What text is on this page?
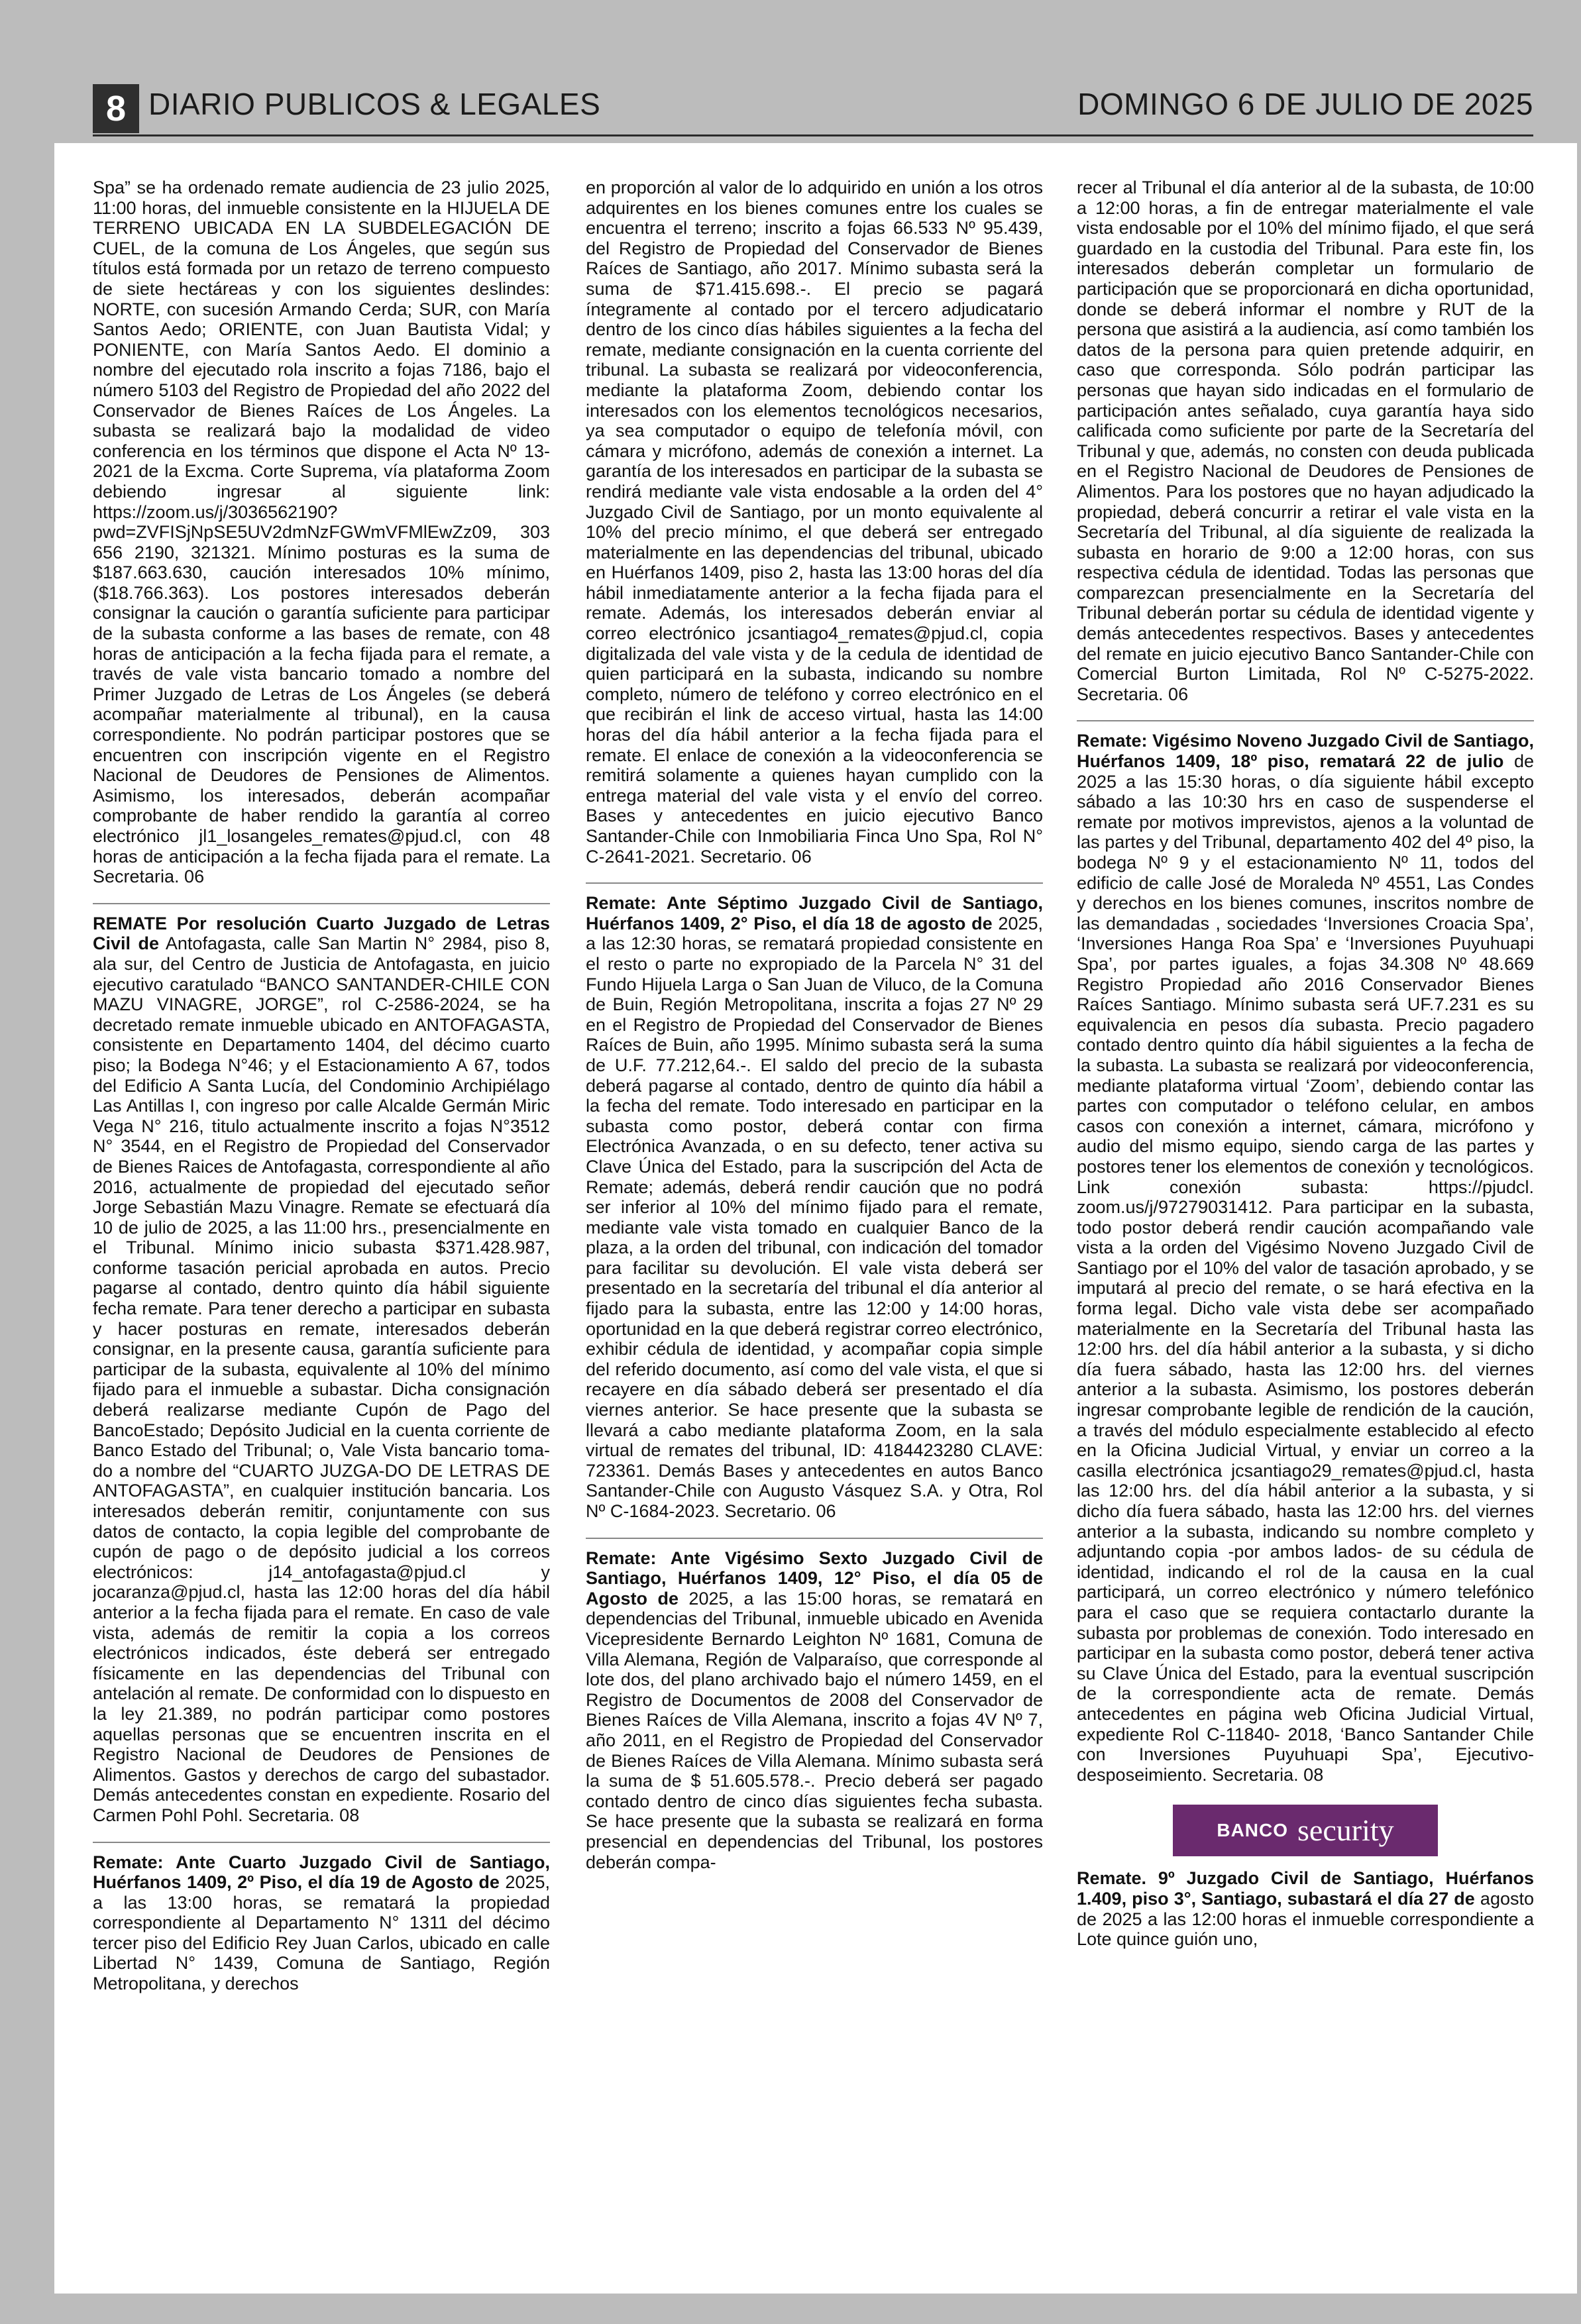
8 DIARIO PUBLICOS & LEGALES	DOMINGO 6 DE JULIO DE 2025

Spa” se ha ordenado remate audiencia de 23 julio 2025, 11:00 horas, del inmueble consistente en la HIJUELA DE TERRENO UBICADA EN LA SUBDELEGACIÓN DE CUEL, de la comuna de Los Ángeles, que según sus títulos está formada por un retazo de terreno compuesto de siete hectáreas y con los siguientes deslindes: NORTE, con sucesión Armando Cerda; SUR, con María Santos Aedo; ORIENTE, con Juan Bautista Vidal; y PONIENTE, con María Santos Aedo. El dominio a nombre del ejecutado rola inscrito a fojas 7186, bajo el número 5103 del Registro de Propiedad del año 2022 del Conservador de Bienes Raíces de Los Ángeles. La subasta se realizará bajo la modalidad de video conferencia en los términos que dispone el Acta Nº 13-2021 de la Excma. Corte Suprema, vía plataforma Zoom debiendo ingresar al siguiente link: https://zoom.us/j/3036562190?pwd=ZVFISjNpSE5UV2dmNzFGWmVFMlEwZz09, 303 656 2190, 321321. Mínimo posturas es la suma de $187.663.630, caución interesados 10% mínimo, ($18.766.363). Los postores interesados deberán consignar la caución o garantía suficiente para participar de la subasta conforme a las bases de remate, con 48 horas de anticipación a la fecha fijada para el remate, a través de vale vista bancario tomado a nombre del Primer Juzgado de Letras de Los Ángeles (se deberá acompañar materialmente al tribunal), en la causa correspondiente. No podrán participar postores que se encuentren con inscripción vigente en el Registro Nacional de Deudores de Pensiones de Alimentos. Asimismo, los interesados, deberán acompañar comprobante de haber rendido la garantía al correo electrónico jl1_losangeles_remates@pjud.cl, con 48 horas de anticipación a la fecha fijada para el remate. La Secretaria. 06

REMATE Por resolución Cuarto Juzgado de Letras Civil de Antofagasta, calle San Martin N° 2984, piso 8, ala sur, del Centro de Justicia de Antofagasta, en juicio ejecutivo caratulado “BANCO SANTANDER-CHILE CON MAZU VINAGRE, JORGE”, rol C-2586-2024, se ha decretado remate inmueble ubicado en ANTOFAGASTA, consistente en Departamento 1404, del décimo cuarto piso; la Bodega N°46; y el Estacionamiento A 67, todos del Edificio A Santa Lucía, del Condominio Archipiélago Las Antillas I, con ingreso por calle Alcalde Germán Miric Vega N° 216, titulo actualmente inscrito a fojas N°3512 N° 3544, en el Registro de Propiedad del Conservador de Bienes Raices de Antofagasta, correspondiente al año 2016, actualmente de propiedad del ejecutado señor Jorge Sebastián Mazu Vinagre. Remate se efectuará día 10 de julio de 2025, a las 11:00 hrs., presencialmente en el Tribunal. Mínimo inicio subasta $371.428.987, conforme tasación pericial aprobada en autos. Precio pagarse al contado, dentro quinto día hábil siguiente fecha remate. Para tener derecho a participar en subasta y hacer posturas en remate, interesados deberán consignar, en la presente causa, garantía suficiente para participar de la subasta, equivalente al 10% del mínimo fijado para el inmueble a subastar. Dicha consignación deberá realizarse mediante Cupón de Pago del BancoEstado; Depósito Judicial en la cuenta corriente de Banco Estado del Tribunal; o, Vale Vista bancario toma-do a nombre del “CUARTO JUZGA-DO DE LETRAS DE ANTOFAGASTA”, en cualquier institución bancaria. Los interesados deberán remitir, conjuntamente con sus datos de contacto, la copia legible del comprobante de cupón de pago o de depósito judicial a los correos electrónicos: j14_antofagasta@pjud.cl y jocaranza@pjud.cl, hasta las 12:00 horas del día hábil anterior a la fecha fijada para el remate. En caso de vale vista, además de remitir la copia a los correos electrónicos indicados, éste deberá ser entregado físicamente en las dependencias del Tribunal con antelación al remate. De conformidad con lo dispuesto en la ley 21.389, no podrán participar como postores aquellas personas que se encuentren inscrita en el Registro Nacional de Deudores de Pensiones de Alimentos. Gastos y derechos de cargo del subastador. Demás antecedentes constan en expediente. Rosario del Carmen Pohl Pohl. Secretaria. 08

Remate: Ante Cuarto Juzgado Civil de Santiago, Huérfanos 1409, 2º Piso, el día 19 de Agosto de 2025, a las 13:00 horas, se rematará la propiedad correspondiente al Departamento N° 1311 del décimo tercer piso del Edificio Rey Juan Carlos, ubicado en calle Libertad N° 1439, Comuna de Santiago, Región Metropolitana, y derechos

en proporción al valor de lo adquirido en unión a los otros adquirentes en los bienes comunes entre los cuales se encuentra el terreno; inscrito a fojas 66.533 Nº 95.439, del Registro de Propiedad del Conservador de Bienes Raíces de Santiago, año 2017. Mínimo subasta será la suma de $71.415.698.-. El precio se pagará íntegramente al contado por el tercero adjudicatario dentro de los cinco días hábiles siguientes a la fecha del remate, mediante consignación en la cuenta corriente del tribunal. La subasta se realizará por videoconferencia, mediante la plataforma Zoom, debiendo contar los interesados con los elementos tecnológicos necesarios, ya sea computador o equipo de telefonía móvil, con cámara y micrófono, además de conexión a internet. La garantía de los interesados en participar de la subasta se rendirá mediante vale vista endosable a la orden del 4° Juzgado Civil de Santiago, por un monto equivalente al 10% del precio mínimo, el que deberá ser entregado materialmente en las dependencias del tribunal, ubicado en Huérfanos 1409, piso 2, hasta las 13:00 horas del día hábil inmediatamente anterior a la fecha fijada para el remate. Además, los interesados deberán enviar al correo electrónico jcsantiago4_remates@pjud.cl, copia digitalizada del vale vista y de la cedula de identidad de quien participará en la subasta, indicando su nombre completo, número de teléfono y correo electrónico en el que recibirán el link de acceso virtual, hasta las 14:00 horas del día hábil anterior a la fecha fijada para el remate. El enlace de conexión a la videoconferencia se remitirá solamente a quienes hayan cumplido con la entrega material del vale vista y el envío del correo. Bases y antecedentes en juicio ejecutivo Banco Santander-Chile con Inmobiliaria Finca Uno Spa, Rol N° C-2641-2021. Secretario. 06

Remate: Ante Séptimo Juzgado Civil de Santiago, Huérfanos 1409, 2° Piso, el día 18 de agosto de 2025, a las 12:30 horas, se rematará propiedad consistente en el resto o parte no expropiado de la Parcela N° 31 del Fundo Hijuela Larga o San Juan de Viluco, de la Comuna de Buin, Región Metropolitana, inscrita a fojas 27 Nº 29 en el Registro de Propiedad del Conservador de Bienes Raíces de Buin, año 1995. Mínimo subasta será la suma de U.F. 77.212,64.-. El saldo del precio de la subasta deberá pagarse al contado, dentro de quinto día hábil a la fecha del remate. Todo interesado en participar en la subasta como postor, deberá contar con firma Electrónica Avanzada, o en su defecto, tener activa su Clave Única del Estado, para la suscripción del Acta de Remate; además, deberá rendir caución que no podrá ser inferior al 10% del mínimo fijado para el remate, mediante vale vista tomado en cualquier Banco de la plaza, a la orden del tribunal, con indicación del tomador para facilitar su devolución. El vale vista deberá ser presentado en la secretaría del tribunal el día anterior al fijado para la subasta, entre las 12:00 y 14:00 horas, oportunidad en la que deberá registrar correo electrónico, exhibir cédula de identidad, y acompañar copia simple del referido documento, así como del vale vista, el que si recayere en día sábado deberá ser presentado el día viernes anterior. Se hace presente que la subasta se llevará a cabo mediante plataforma Zoom, en la sala virtual de remates del tribunal, ID: 4184423280 CLAVE: 723361. Demás Bases y antecedentes en autos Banco Santander-Chile con Augusto Vásquez S.A. y Otra, Rol Nº C-1684-2023. Secretario. 06

Remate: Ante Vigésimo Sexto Juzgado Civil de Santiago, Huérfanos 1409, 12° Piso, el día 05 de Agosto de 2025, a las 15:00 horas, se rematará en dependencias del Tribunal, inmueble ubicado en Avenida Vicepresidente Bernardo Leighton Nº 1681, Comuna de Villa Alemana, Región de Valparaíso, que corresponde al lote dos, del plano archivado bajo el número 1459, en el Registro de Documentos de 2008 del Conservador de Bienes Raíces de Villa Alemana, inscrito a fojas 4V Nº 7, año 2011, en el Registro de Propiedad del Conservador de Bienes Raíces de Villa Alemana. Mínimo subasta será la suma de $ 51.605.578.-. Precio deberá ser pagado contado dentro de cinco días siguientes fecha subasta. Se hace presente que la subasta se realizará en forma presencial en dependencias del Tribunal, los postores deberán compa-

recer al Tribunal el día anterior al de la subasta, de 10:00 a 12:00 horas, a fin de entregar materialmente el vale vista endosable por el 10% del mínimo fijado, el que será guardado en la custodia del Tribunal. Para este fin, los interesados deberán completar un formulario de participación que se proporcionará en dicha oportunidad, donde se deberá informar el nombre y RUT de la persona que asistirá a la audiencia, así como también los datos de la persona para quien pretende adquirir, en caso que corresponda. Sólo podrán participar las personas que hayan sido indicadas en el formulario de participación antes señalado, cuya garantía haya sido calificada como suficiente por parte de la Secretaría del Tribunal y que, además, no consten con deuda publicada en el Registro Nacional de Deudores de Pensiones de Alimentos. Para los postores que no hayan adjudicado la propiedad, deberá concurrir a retirar el vale vista en la Secretaría del Tribunal, al día siguiente de realizada la subasta en horario de 9:00 a 12:00 horas, con sus respectiva cédula de identidad. Todas las personas que comparezcan presencialmente en la Secretaría del Tribunal deberán portar su cédula de identidad vigente y demás antecedentes respectivos. Bases y antecedentes del remate en juicio ejecutivo Banco Santander-Chile con Comercial Burton Limitada, Rol Nº C-5275-2022. Secretaria. 06

Remate: Vigésimo Noveno Juzgado Civil de Santiago, Huérfanos 1409, 18º piso, rematará 22 de julio de 2025 a las 15:30 horas, o día siguiente hábil excepto sábado a las 10:30 hrs en caso de suspenderse el remate por motivos imprevistos, ajenos a la voluntad de las partes y del Tribunal, departamento 402 del 4º piso, la bodega Nº 9 y el estacionamiento Nº 11, todos del edificio de calle José de Moraleda Nº 4551, Las Condes y derechos en los bienes comunes, inscritos nombre de las demandadas , sociedades ‘Inversiones Croacia Spa’, ‘Inversiones Hanga Roa Spa’ e ‘Inversiones Puyuhuapi Spa’, por partes iguales, a fojas 34.308 Nº 48.669 Registro Propiedad año 2016 Conservador Bienes Raíces Santiago. Mínimo subasta será UF.7.231 es su equivalencia en pesos día subasta. Precio pagadero contado dentro quinto día hábil siguientes a la fecha de la subasta. La subasta se realizará por videoconferencia, mediante plataforma virtual ‘Zoom’, debiendo contar las partes con computador o teléfono celular, en ambos casos con conexión a internet, cámara, micrófono y audio del mismo equipo, siendo carga de las partes y postores tener los elementos de conexión y tecnológicos. Link conexión subasta: https://pjudcl. zoom.us/j/97279031412. Para participar en la subasta, todo postor deberá rendir caución acompañando vale vista a la orden del Vigésimo Noveno Juzgado Civil de Santiago por el 10% del valor de tasación aprobado, y se imputará al precio del remate, o se hará efectiva en la forma legal. Dicho vale vista debe ser acompañado materialmente en la Secretaría del Tribunal hasta las 12:00 hrs. del día hábil anterior a la subasta, y si dicho día fuera sábado, hasta las 12:00 hrs. del viernes anterior a la subasta. Asimismo, los postores deberán ingresar comprobante legible de rendición de la caución, a través del módulo especialmente establecido al efecto en la Oficina Judicial Virtual, y enviar un correo a la casilla electrónica jcsantiago29_remates@pjud.cl, hasta las 12:00 hrs. del día hábil anterior a la subasta, y si dicho día fuera sábado, hasta las 12:00 hrs. del viernes anterior a la subasta, indicando su nombre completo y adjuntando copia -por ambos lados- de su cédula de identidad, indicando el rol de la causa en la cual participará, un correo electrónico y número telefónico para el caso que se requiera contactarlo durante la subasta por problemas de conexión. Todo interesado en participar en la subasta como postor, deberá tener activa su Clave Única del Estado, para la eventual suscripción de la correspondiente acta de remate. Demás antecedentes en página web Oficina Judicial Virtual, expediente Rol C-11840- 2018, ‘Banco Santander Chile con Inversiones Puyuhuapi Spa’, Ejecutivo- desposeimiento. Secretaria. 08

BANCO security

Remate. 9º Juzgado Civil de Santiago, Huérfanos 1.409, piso 3°, Santiago, subastará el día 27 de agosto de 2025 a las 12:00 horas el inmueble correspondiente a Lote quince guión uno,
